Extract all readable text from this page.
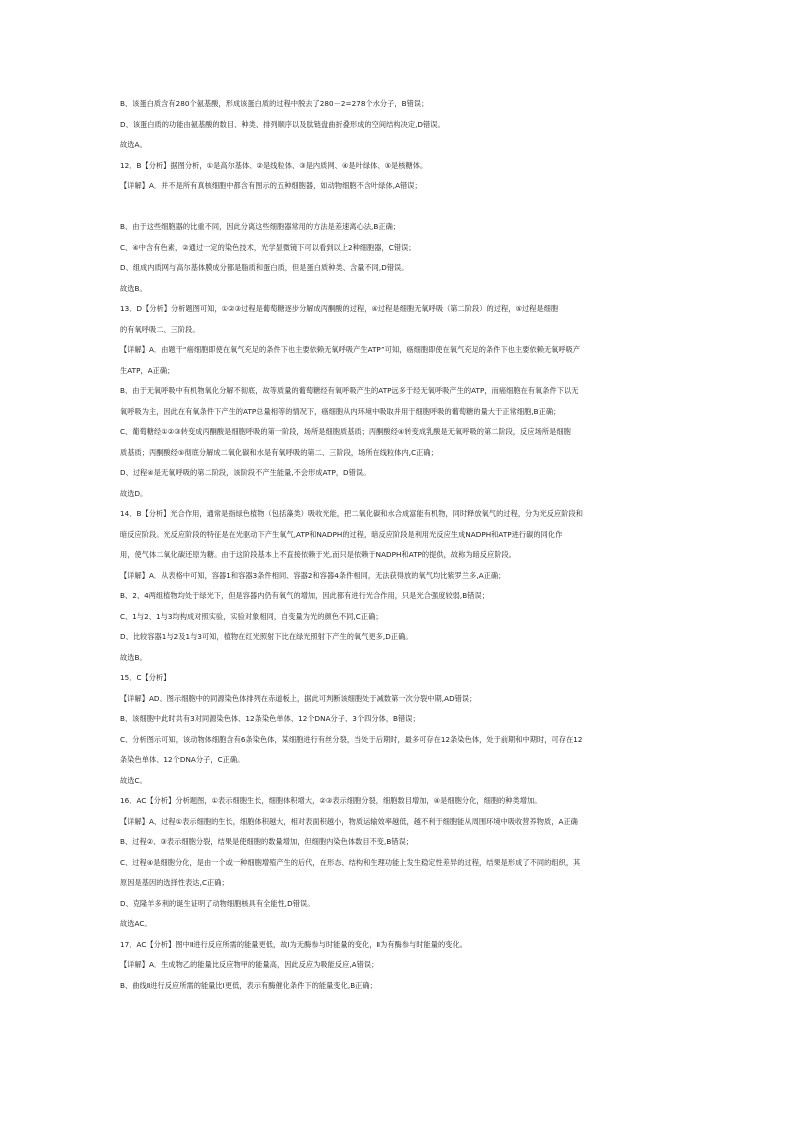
B、该蛋白质含有280个氨基酸，形成该蛋白质的过程中脱去了280－2=278个水分子，B错误；
D、该蛋白质的功能由氨基酸的数目、种类、排列顺序以及肽链盘曲折叠形成的空间结构决定,D错误。
故选A。
12．B【分析】据图分析，①是高尔基体、②是线粒体、③是内质网、④是叶绿体、⑤是核糖体。
【详解】A．并不是所有真核细胞中都含有图示的五种细胞器，如动物细胞不含叶绿体,A错误；
B、由于这些细胞器的比重不同，因此分离这些细胞器常用的方法是差速离心法,B正确；
C、④中含有色素，②通过一定的染色技术，光学显微镜下可以看到以上2种细胞器，C错误；
D、组成内质网与高尔基体膜成分都是脂质和蛋白质，但是蛋白质种类、含量不同,D错误。
故选B。
13．D【分析】分析题图可知，①②③过程是葡萄糖逐步分解成丙酮酸的过程，④过程是细胞无氧呼吸（第二阶段）的过程，⑤过程是细胞
的有氧呼吸二、三阶段。
【详解】A．由题干“癌细胞即使在氧气充足的条件下也主要依赖无氧呼吸产生ATP”可知，癌细胞即使在氧气充足的条件下也主要依赖无氧呼吸产
生ATP，A正确；
B、由于无氧呼吸中有机物氧化分解不彻底，故等质量的葡萄糖经有氧呼吸产生的ATP远多于经无氧呼吸产生的ATP，而癌细胞在有氧条件下以无
氧呼吸为主，因此在有氧条件下产生的ATP总量相等的情况下，癌细胞从内环境中吸取并用于细胞呼吸的葡萄糖的量大于正常细胞,B正确；
C、葡萄糖经①②③转变成丙酮酸是细胞呼吸的第一阶段，场所是细胞质基质；丙酮酸经④转变成乳酸是无氧呼吸的第二阶段，反应场所是细胞
质基质；丙酮酸经⑤彻底分解成二氧化碳和水是有氧呼吸的第二、三阶段，场所在线粒体内,C正确；
D、过程④是无氧呼吸的第二阶段，该阶段不产生能量,不会形成ATP，D错误。
故选D。
14．B【分析】光合作用，通常是指绿色植物（包括藻类）吸收光能，把二氧化碳和水合成富能有机物，同时释放氧气的过程，分为光反应阶段和
暗反应阶段。光反应阶段的特征是在光驱动下产生氧气,ATP和NADPH的过程，暗反应阶段是利用光反应生成NADPH和ATP进行碳的同化作
用，使气体二氧化碳还原为糖。由于这阶段基本上不直接依赖于光,而只是依赖于NADPH和ATP的提供，故称为暗反应阶段。
【详解】A．从表格中可知，容器1和容器3条件相同、容器2和容器4条件相同，无法获得放的氧气均比紫罗兰多,A正确；
B、2、4两组植物均处于绿光下，但是容器内仍有氧气的增加，因此都有进行光合作用，只是光合强度较弱,B错误；
C、1与2、1与3均构成对照实验，实验对象相同，自变量为光的颜色不同,C正确；
D、比较容器1与2及1与3可知，植物在红光照射下比在绿光照射下产生的氧气更多,D正确。
故选B。
15．C【分析】
【详解】AD、图示细胞中的同源染色体排列在赤道板上，据此可判断该细胞处于减数第一次分裂中期,AD错误；
B、该细胞中此时共有3对同源染色体、12条染色单体、12个DNA分子、3个四分体，B错误；
C、分析图示可知，该动物体细胞含有6条染色体，某细胞进行有丝分裂，当处于后期时，最多可存在12条染色体，处于前期和中期时，可存在12
条染色单体、12个DNA分子，C正确。
故选C。
16．AC【分析】分析题图，①表示细胞生长，细胞体积增大，②③表示细胞分裂，细胞数目增加，④是细胞分化，细胞的种类增加。
【详解】A、过程①表示细胞的生长，细胞体积越大，相对表面积越小，物质运输效率越低，越不利于细胞能从周围环境中吸收营养物质，A正确
B、过程②、③表示细胞分裂，结果是使细胞的数量增加，但细胞内染色体数目不变,B错误；
C、过程④是细胞分化，是由一个或一种细胞增殖产生的后代，在形态、结构和生理功能上发生稳定性差异的过程，结果是形成了不同的组织，其
原因是基因的选择性表达,C正确；
D、克隆羊多利的诞生证明了动物细胞核具有全能性,D错误。
故选AC。
17．AC【分析】图中Ⅱ进行反应所需的能量更低，故Ⅰ为无酶参与时能量的变化，Ⅱ为有酶参与时能量的变化。
【详解】A．生成物乙的能量比反应物甲的能量高，因此反应为吸能反应,A错误；
B、曲线Ⅱ进行反应所需的能量比Ⅰ更低，表示有酶催化条件下的能量变化,B正确；
